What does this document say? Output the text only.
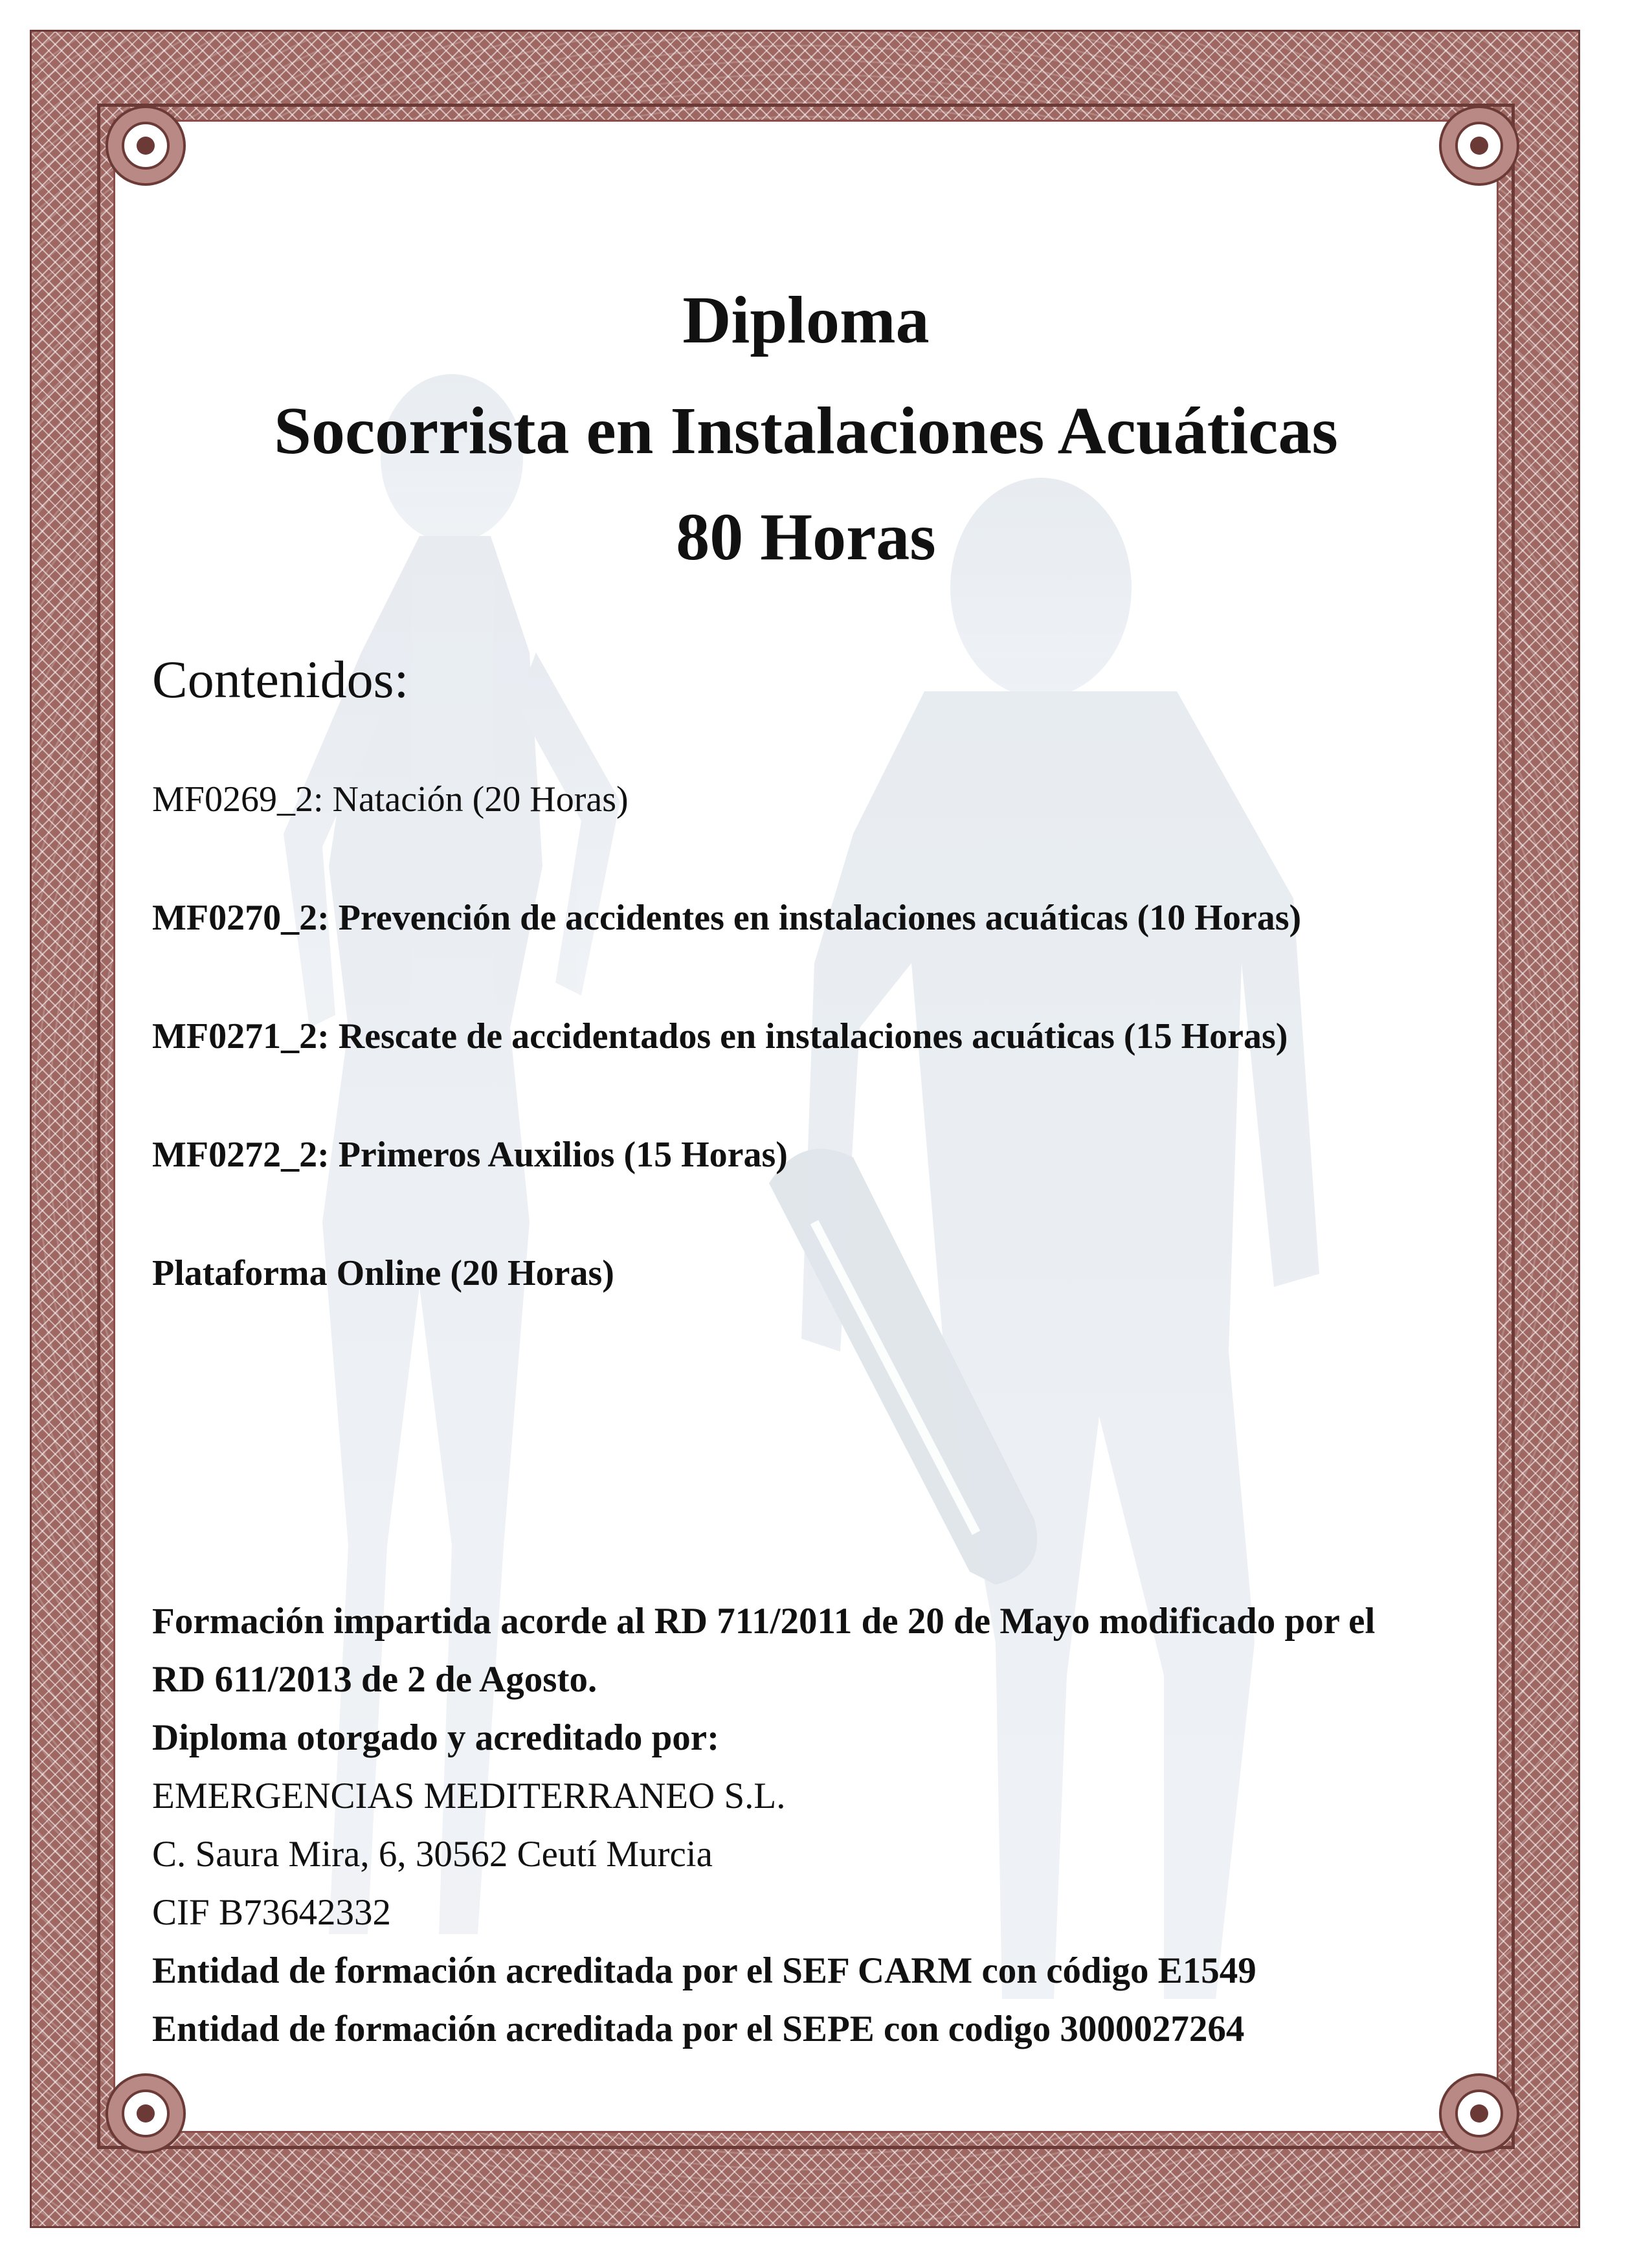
Diploma
Socorrista en Instalaciones Acuáticas
80 Horas
Contenidos:
MF0269_2: Natación (20 Horas)
MF0270_2: Prevención de accidentes en instalaciones acuáticas (10 Horas)
MF0271_2: Rescate de accidentados en instalaciones acuáticas (15 Horas)
MF0272_2: Primeros Auxilios (15 Horas)
Plataforma Online (20 Horas)
Formación impartida acorde al RD 711/2011 de 20 de Mayo modificado por el
RD 611/2013 de 2 de Agosto.
Diploma otorgado y acreditado por:
EMERGENCIAS MEDITERRANEO S.L.
C. Saura Mira, 6, 30562 Ceutí Murcia
CIF B73642332
Entidad de formación acreditada por el SEF CARM con código E1549
Entidad de formación acreditada por el SEPE con codigo 3000027264
